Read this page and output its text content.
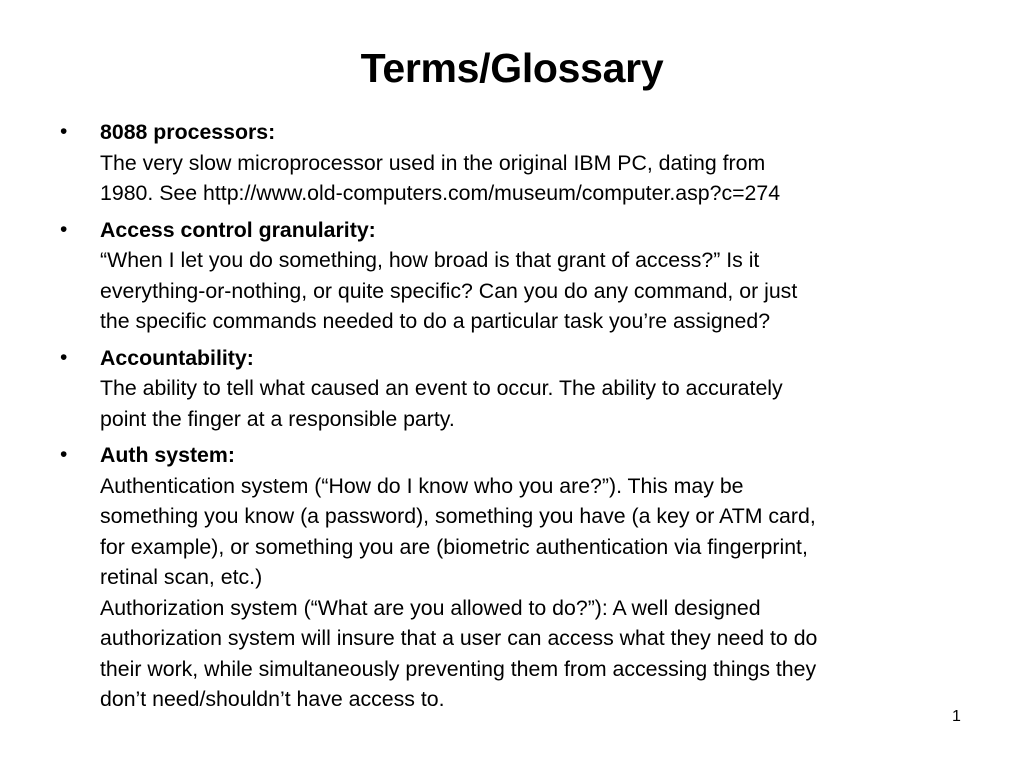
Terms/Glossary
•	8088 processors:
The very slow microprocessor used in the original IBM PC, dating from
1980. See http://www.old-computers.com/museum/computer.asp?c=274
•	Access control granularity:
“When I let you do something, how broad is that grant of access?” Is it
everything-or-nothing, or quite specific? Can you do any command, or just
the specific commands needed to do a particular task you’re assigned?
•	Accountability:
The ability to tell what caused an event to occur. The ability to accurately
point the finger at a responsible party.
•	Auth system:
Authentication system (“How do I know who you are?”). This may be
something you know (a password), something you have (a key or ATM card,
for example), or something you are (biometric authentication via fingerprint,
retinal scan, etc.)
Authorization system (“What are you allowed to do?”): A well designed
authorization system will insure that a user can access what they need to do
their work, while simultaneously preventing them from accessing things they
don’t need/shouldn’t have access to.
1
